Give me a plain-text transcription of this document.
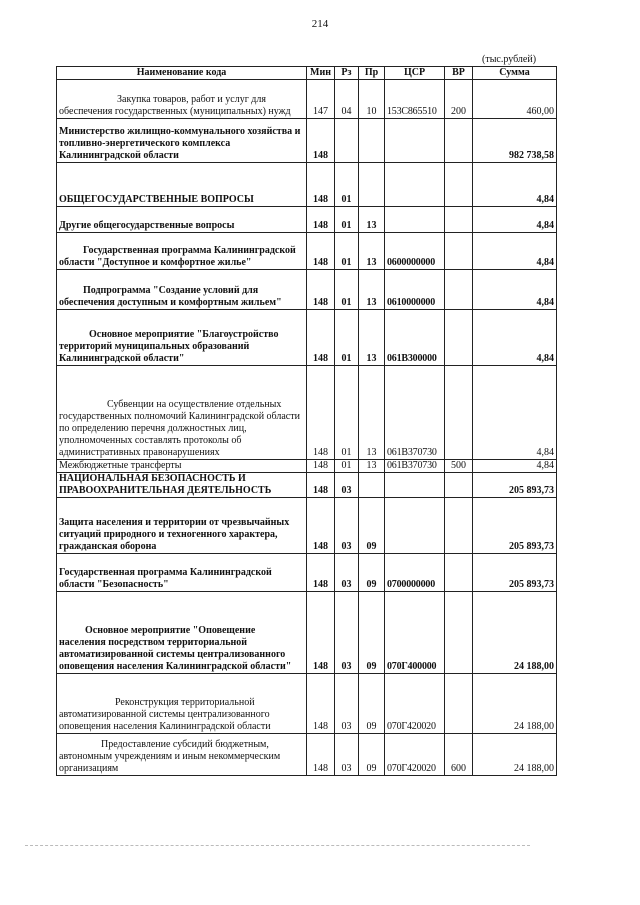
214
(тыс.рублей)
Наименование кода	Мин	Рз	Пр	ЦСР	ВР	Сумма
Закупка товаров, работ и услуг для обеспечения государственных (муниципальных) нужд	147	04	10	153С865510	200	460,00
Министерство жилищно-коммунального хозяйства и топливно-энергетического комплекса Калининградской области	148					982 738,58
ОБЩЕГОСУДАРСТВЕННЫЕ ВОПРОСЫ	148	01				4,84
Другие общегосударственные вопросы	148	01	13			4,84
Государственная программа Калининградской области "Доступное и комфортное жилье"	148	01	13	0600000000		4,84
Подпрограмма "Создание условий для обеспечения доступным и комфортным жильем"	148	01	13	0610000000		4,84
Основное мероприятие "Благоустройство территорий муниципальных образований Калининградской области"	148	01	13	061В300000		4,84
Субвенции на осуществление отдельных государственных полномочий Калининградской области по определению перечня должностных лиц, уполномоченных составлять протоколы об административных правонарушениях	148	01	13	061В370730		4,84
Межбюджетные трансферты	148	01	13	061В370730	500	4,84
НАЦИОНАЛЬНАЯ БЕЗОПАСНОСТЬ И ПРАВООХРАНИТЕЛЬНАЯ ДЕЯТЕЛЬНОСТЬ	148	03				205 893,73
Защита населения и территории от чрезвычайных ситуаций природного и техногенного характера, гражданская оборона	148	03	09			205 893,73
Государственная программа Калининградской области "Безопасность"	148	03	09	0700000000		205 893,73
Основное мероприятие "Оповещение населения посредством территориальной автоматизированной системы централизованного оповещения населения Калининградской области"	148	03	09	070Г400000		24 188,00
Реконструкция территориальной автоматизированной системы централизованного оповещения населения Калининградской области	148	03	09	070Г420020		24 188,00
Предоставление субсидий бюджетным, автономным учреждениям и иным некоммерческим организациям	148	03	09	070Г420020	600	24 188,00
